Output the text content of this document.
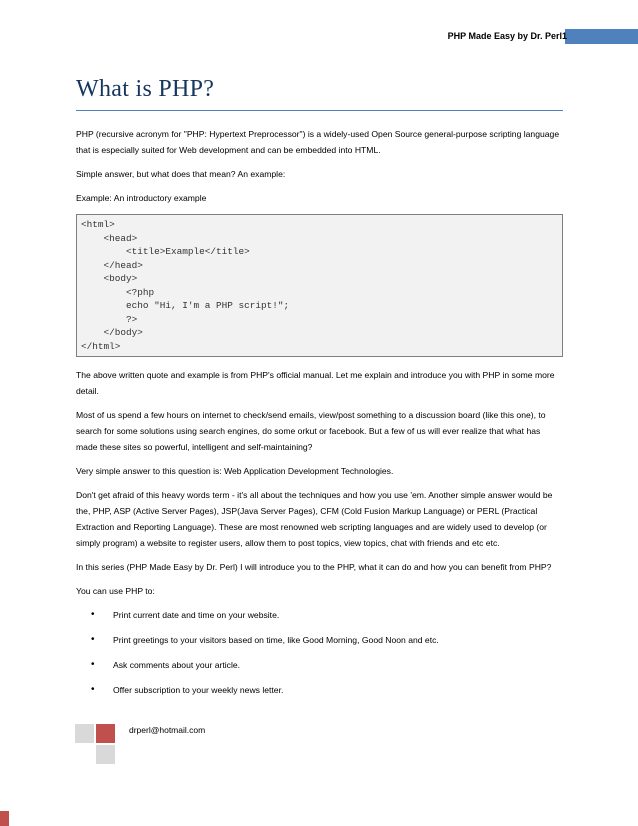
PHP Made Easy by Dr. Perl 1
What is PHP?

PHP (recursive acronym for "PHP: Hypertext Preprocessor") is a widely-used Open Source general-purpose scripting language that is especially suited for Web development and can be embedded into HTML.

Simple answer, but what does that mean? An example:

Example: An introductory example

<html>
<head>
<title>Example</title>
</head>
<body>
<?php
echo "Hi, I'm a PHP script!";
?>
</body>
</html>

The above written quote and example is from PHP's official manual. Let me explain and introduce you with PHP in some more detail.

Most of us spend a few hours on internet to check/send emails, view/post something to a discussion board (like this one), to search for some solutions using search engines, do some orkut or facebook. But a few of us will ever realize that what has made these sites so powerful, intelligent and self-maintaining?

Very simple answer to this question is: Web Application Development Technologies.

Don't get afraid of this heavy words term - it's all about the techniques and how you use 'em. Another simple answer would be the, PHP, ASP (Active Server Pages), JSP(Java Server Pages), CFM (Cold Fusion Markup Language) or PERL (Practical Extraction and Reporting Language). These are most renowned web scripting languages and are widely used to develop (or simply program) a website to register users, allow them to post topics, view topics, chat with friends and etc etc.

In this series (PHP Made Easy by Dr. Perl) I will introduce you to the PHP, what it can do and how you can benefit from PHP?

You can use PHP to:

• Print current date and time on your website.
• Print greetings to your visitors based on time, like Good Morning, Good Noon and etc.
• Ask comments about your article.
• Offer subscription to your weekly news letter.
drperl@hotmail.com
